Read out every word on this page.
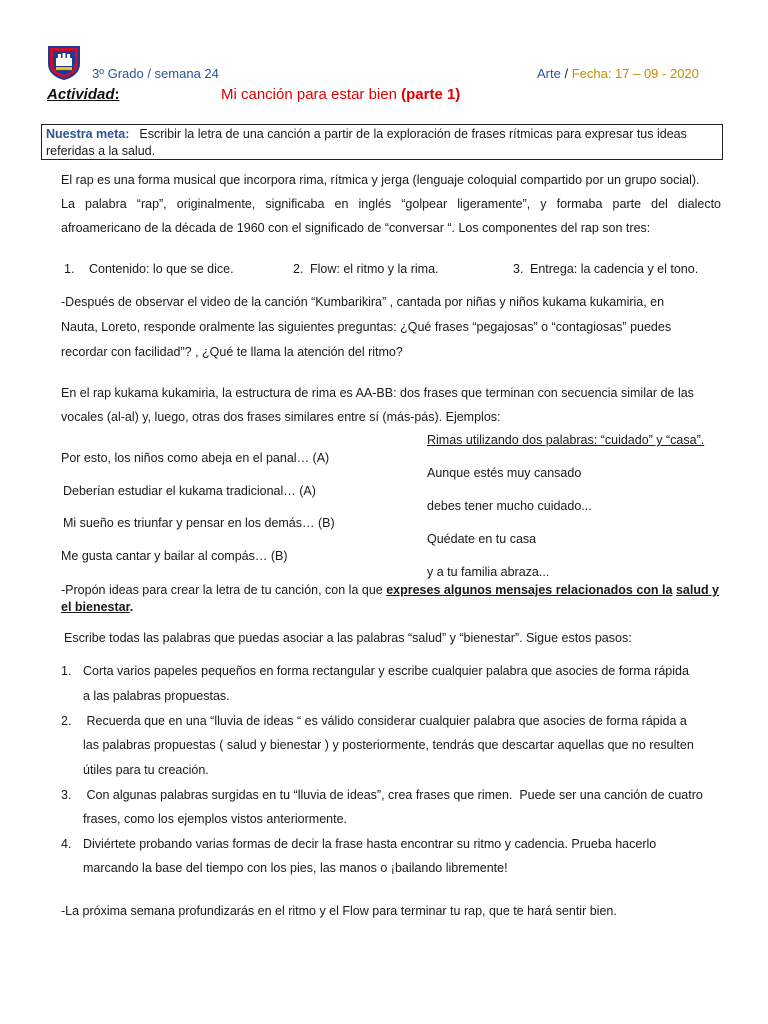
3º Grado / semana 24	Arte / Fecha: 17 – 09 - 2020
Actividad:	Mi canción para estar bien (parte 1)
Nuestra meta: Escribir la letra de una canción a partir de la exploración de frases rítmicas para expresar tus ideas referidas a la salud.
El rap es una forma musical que incorpora rima, rítmica y jerga (lenguaje coloquial compartido por un grupo social).
La palabra “rap”, originalmente, significaba en inglés “golpear ligeramente”, y formaba parte del dialecto
afroamericano de la década de 1960 con el significado de “conversar “. Los componentes del rap son tres:
1. Contenido: lo que se dice.	2. Flow: el ritmo y la rima.	3. Entrega: la cadencia y el tono.
-Después de observar el video de la canción “Kumbarikira” , cantada por niñas y niños kukama kukamiria, en
Nauta, Loreto, responde oralmente las siguientes preguntas: ¿Qué frases “pegajosas” o “contagiosas” puedes
recordar con facilidad”? , ¿Qué te llama la atención del ritmo?
En el rap kukama kukamiria, la estructura de rima es AA-BB: dos frases que terminan con secuencia similar de las
vocales (al-al) y, luego, otras dos frases similares entre sí (más-pás). Ejemplos:
Por esto, los niños como abeja en el panal… (A)
Deberían estudiar el kukama tradicional… (A)
Mi sueño es triunfar y pensar en los demás… (B)
Me gusta cantar y bailar al compás… (B)
Rimas utilizando dos palabras: “cuidado” y “casa”.
Aunque estés muy cansado
debes tener mucho cuidado...
Quédate en tu casa
y a tu familia abraza...
-Propón ideas para crear la letra de tu canción, con la que expreses algunos mensajes relacionados con la salud y el bienestar.
Escribe todas las palabras que puedas asociar a las palabras “salud” y “bienestar”. Sigue estos pasos:
1. Corta varios papeles pequeños en forma rectangular y escribe cualquier palabra que asocies de forma rápida
a las palabras propuestas.
2. Recuerda que en una “lluvia de ideas “ es válido considerar cualquier palabra que asocies de forma rápida a
las palabras propuestas ( salud y bienestar ) y posteriormente, tendrás que descartar aquellas que no resulten
útiles para tu creación.
3. Con algunas palabras surgidas en tu “lluvia de ideas”, crea frases que rimen.  Puede ser una canción de cuatro
frases, como los ejemplos vistos anteriormente.
4. Diviértete probando varias formas de decir la frase hasta encontrar su ritmo y cadencia. Prueba hacerlo
marcando la base del tiempo con los pies, las manos o ¡bailando libremente!
-La próxima semana profundizarás en el ritmo y el Flow para terminar tu rap, que te hará sentir bien.
